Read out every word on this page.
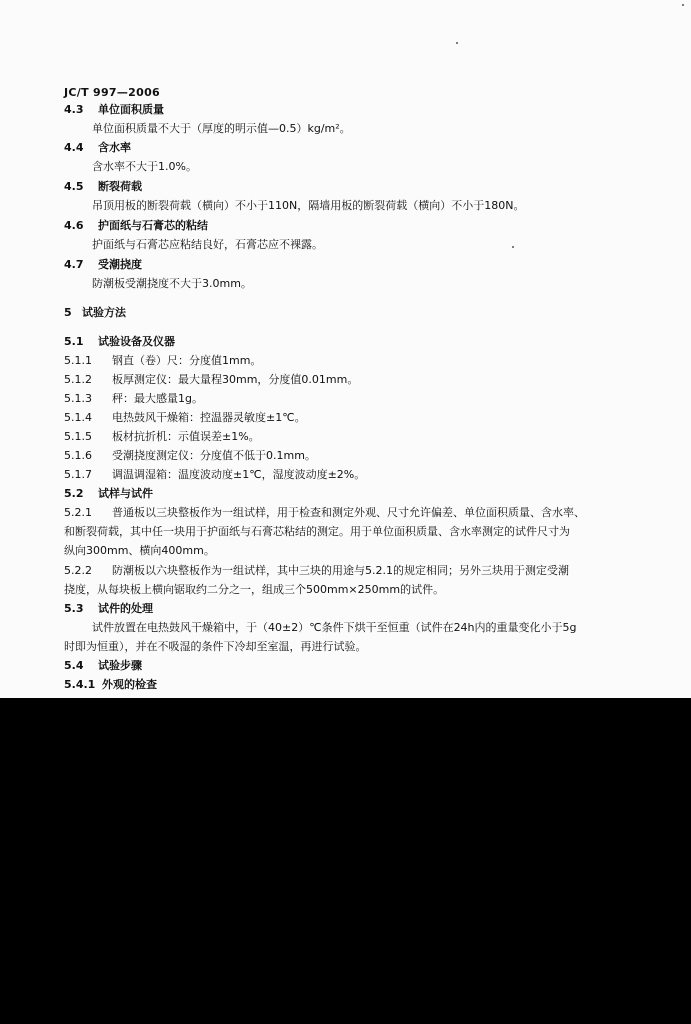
JC/T 997—2006
4.3 单位面积质量
单位面积质量不大于（厚度的明示值—0.5）kg/m²。
4.4 含水率
含水率不大于1.0%。
4.5 断裂荷载
吊顶用板的断裂荷载（横向）不小于110N，隔墙用板的断裂荷载（横向）不小于180N。
4.6 护面纸与石膏芯的粘结
护面纸与石膏芯应粘结良好，石膏芯应不裸露。
4.7 受潮挠度
防潮板受潮挠度不大于3.0mm。
5 试验方法
5.1 试验设备及仪器
5.1.1 钢直（卷）尺：分度值1mm。
5.1.2 板厚测定仪：最大量程30mm，分度值0.01mm。
5.1.3 秤：最大感量1g。
5.1.4 电热鼓风干燥箱：控温器灵敏度±1℃。
5.1.5 板材抗折机：示值误差±1%。
5.1.6 受潮挠度测定仪：分度值不低于0.1mm。
5.1.7 调温调湿箱：温度波动度±1℃，湿度波动度±2%。
5.2 试样与试件
5.2.1 普通板以三块整板作为一组试样，用于检查和测定外观、尺寸允许偏差、单位面积质量、含水率、
和断裂荷载，其中任一块用于护面纸与石膏芯粘结的测定。用于单位面积质量、含水率测定的试件尺寸为
纵向300mm、横向400mm。
5.2.2 防潮板以六块整板作为一组试样，其中三块的用途与5.2.1的规定相同；另外三块用于测定受潮
挠度，从每块板上横向锯取约二分之一，组成三个500mm×250mm的试件。
5.3 试件的处理
试件放置在电热鼓风干燥箱中，于（40±2）℃条件下烘干至恒重（试件在24h内的重量变化小于5g
时即为恒重），并在不吸湿的条件下冷却至室温，再进行试验。
5.4 试验步骤
5.4.1 外观的检查
